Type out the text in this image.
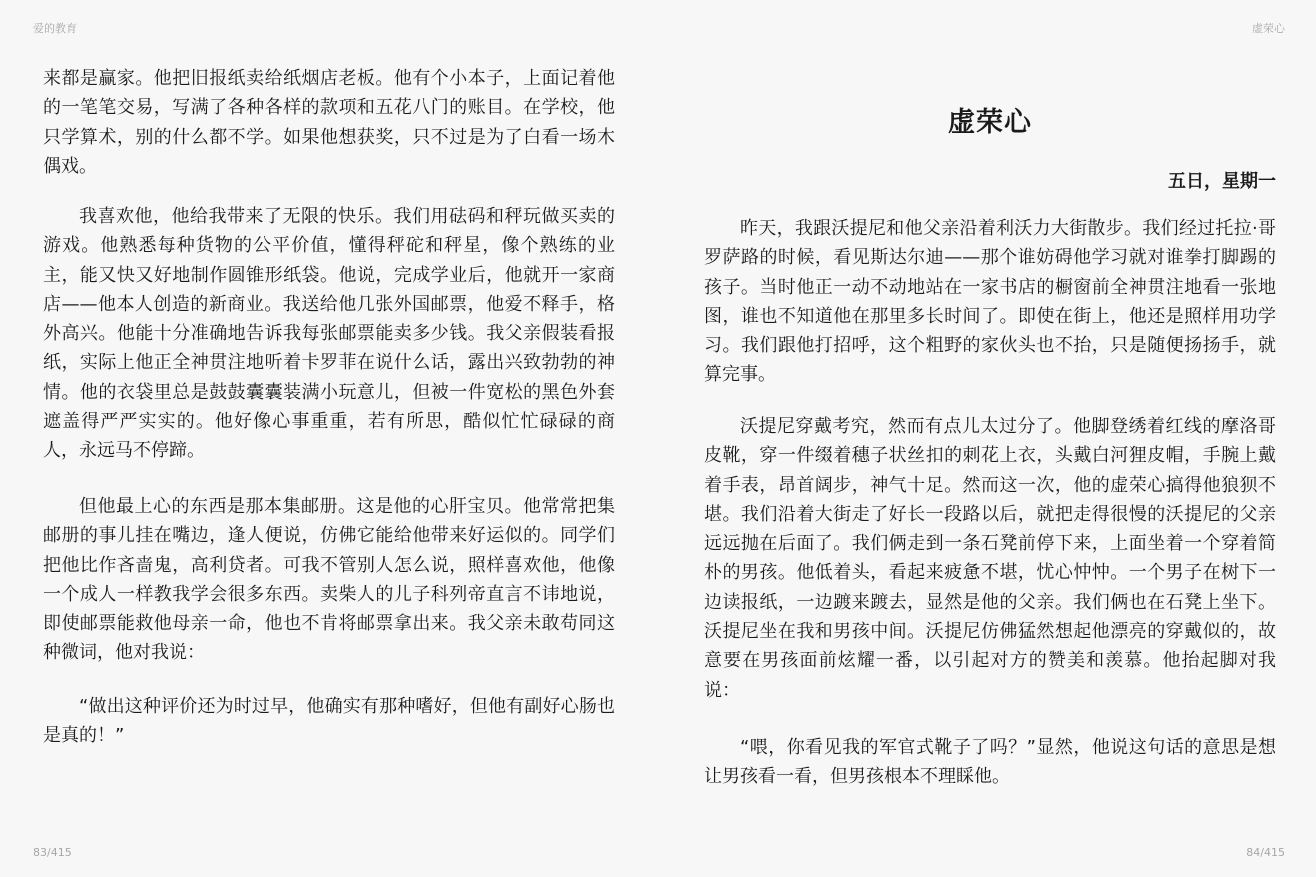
爱的教育	虚荣心

来都是赢家。他把旧报纸卖给纸烟店老板。他有个小本子，上面记着他的一笔笔交易，写满了各种各样的款项和五花八门的账目。在学校，他只学算术，别的什么都不学。如果他想获奖，只不过是为了白看一场木偶戏。

我喜欢他，他给我带来了无限的快乐。我们用砝码和秤玩做买卖的游戏。他熟悉每种货物的公平价值，懂得秤砣和秤星，像个熟练的业主，能又快又好地制作圆锥形纸袋。他说，完成学业后，他就开一家商店——他本人创造的新商业。我送给他几张外国邮票，他爱不释手，格外高兴。他能十分准确地告诉我每张邮票能卖多少钱。我父亲假装看报纸，实际上他正全神贯注地听着卡罗菲在说什么话，露出兴致勃勃的神情。他的衣袋里总是鼓鼓囊囊装满小玩意儿，但被一件宽松的黑色外套遮盖得严严实实的。他好像心事重重，若有所思，酷似忙忙碌碌的商人，永远马不停蹄。

但他最上心的东西是那本集邮册。这是他的心肝宝贝。他常常把集邮册的事儿挂在嘴边，逢人便说，仿佛它能给他带来好运似的。同学们把他比作吝啬鬼，高利贷者。可我不管别人怎么说，照样喜欢他，他像一个成人一样教我学会很多东西。卖柴人的儿子科列帝直言不讳地说，即使邮票能救他母亲一命，他也不肯将邮票拿出来。我父亲未敢苟同这种微词，他对我说：

“做出这种评价还为时过早，他确实有那种嗜好，但他有副好心肠也是真的！”

虚荣心
五日，星期一

昨天，我跟沃提尼和他父亲沿着利沃力大街散步。我们经过托拉·哥罗萨路的时候，看见斯达尔迪——那个谁妨碍他学习就对谁拳打脚踢的孩子。当时他正一动不动地站在一家书店的橱窗前全神贯注地看一张地图，谁也不知道他在那里多长时间了。即使在街上，他还是照样用功学习。我们跟他打招呼，这个粗野的家伙头也不抬，只是随便扬扬手，就算完事。

沃提尼穿戴考究，然而有点儿太过分了。他脚登绣着红线的摩洛哥皮靴，穿一件缀着穗子状丝扣的刺花上衣，头戴白河狸皮帽，手腕上戴着手表，昂首阔步，神气十足。然而这一次，他的虚荣心搞得他狼狈不堪。我们沿着大街走了好长一段路以后，就把走得很慢的沃提尼的父亲远远抛在后面了。我们俩走到一条石凳前停下来，上面坐着一个穿着简朴的男孩。他低着头，看起来疲惫不堪，忧心忡忡。一个男子在树下一边读报纸，一边踱来踱去，显然是他的父亲。我们俩也在石凳上坐下。沃提尼坐在我和男孩中间。沃提尼仿佛猛然想起他漂亮的穿戴似的，故意要在男孩面前炫耀一番，以引起对方的赞美和羡慕。他抬起脚对我说：

“喂，你看见我的军官式靴子了吗？”显然，他说这句话的意思是想让男孩看一看，但男孩根本不理睬他。

83/415	84/415
